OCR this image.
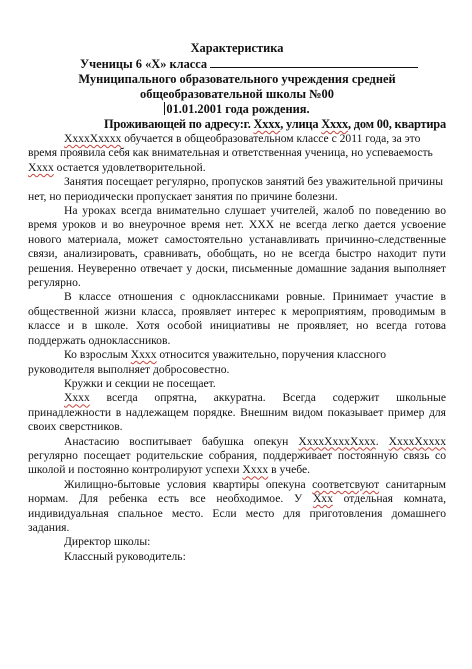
Характеристика

Ученицы 6 «Х» класса

Муниципального образовательного учреждения средней

общеобразовательной школы №00

01.01.2001 года рождения.

Проживающей по адресу:г. Хххх, улица Хххх, дом 00, квартира

ХхххХхххх обучается в общеобразовательном классе с 2011 года, за это время проявила себя как внимательная и ответственная ученица, но успеваемость Хххх остается удовлетворительной.

Занятия посещает регулярно, пропусков занятий без уважительной причины нет, но периодически пропускает занятия по причине болезни.

На уроках всегда внимательно слушает учителей, жалоб по поведению во время уроков и во внеурочное время нет. ХХХ не всегда легко дается усвоение нового материала, может самостоятельно устанавливать причинно-следственные связи, анализировать, сравнивать, обобщать, но не всегда быстро находит пути решения. Неуверенно отвечает у доски, письменные домашние задания выполняет регулярно.

В классе отношения с одноклассниками ровные. Принимает участие в общественной жизни класса, проявляет интерес к мероприятиям, проводимым в классе и в школе. Хотя особой инициативы не проявляет, но всегда готова поддержать одноклассников.

Ко взрослым Хххх относится уважительно, поручения классного руководителя выполняет добросовестно.

Кружки и секции не посещает.

Хххх всегда опрятна, аккуратна. Всегда содержит школьные принадлежности в надлежащем порядке. Внешним видом показывает пример для своих сверстников.

Анастасию воспитывает бабушка опекун ХхххХхххХххх. ХхххХхххх регулярно посещает родительские собрания, поддерживает постоянную связь со школой и постоянно контролируют успехи Хххх в учебе.

Жилищно-бытовые условия квартиры опекуна соответсвуют санитарным нормам. Для ребенка есть все необходимое. У Ххх отдельная комната, индивидуальная спальное место. Если место для приготовления домашнего задания.

Директор школы:

Классный руководитель:
